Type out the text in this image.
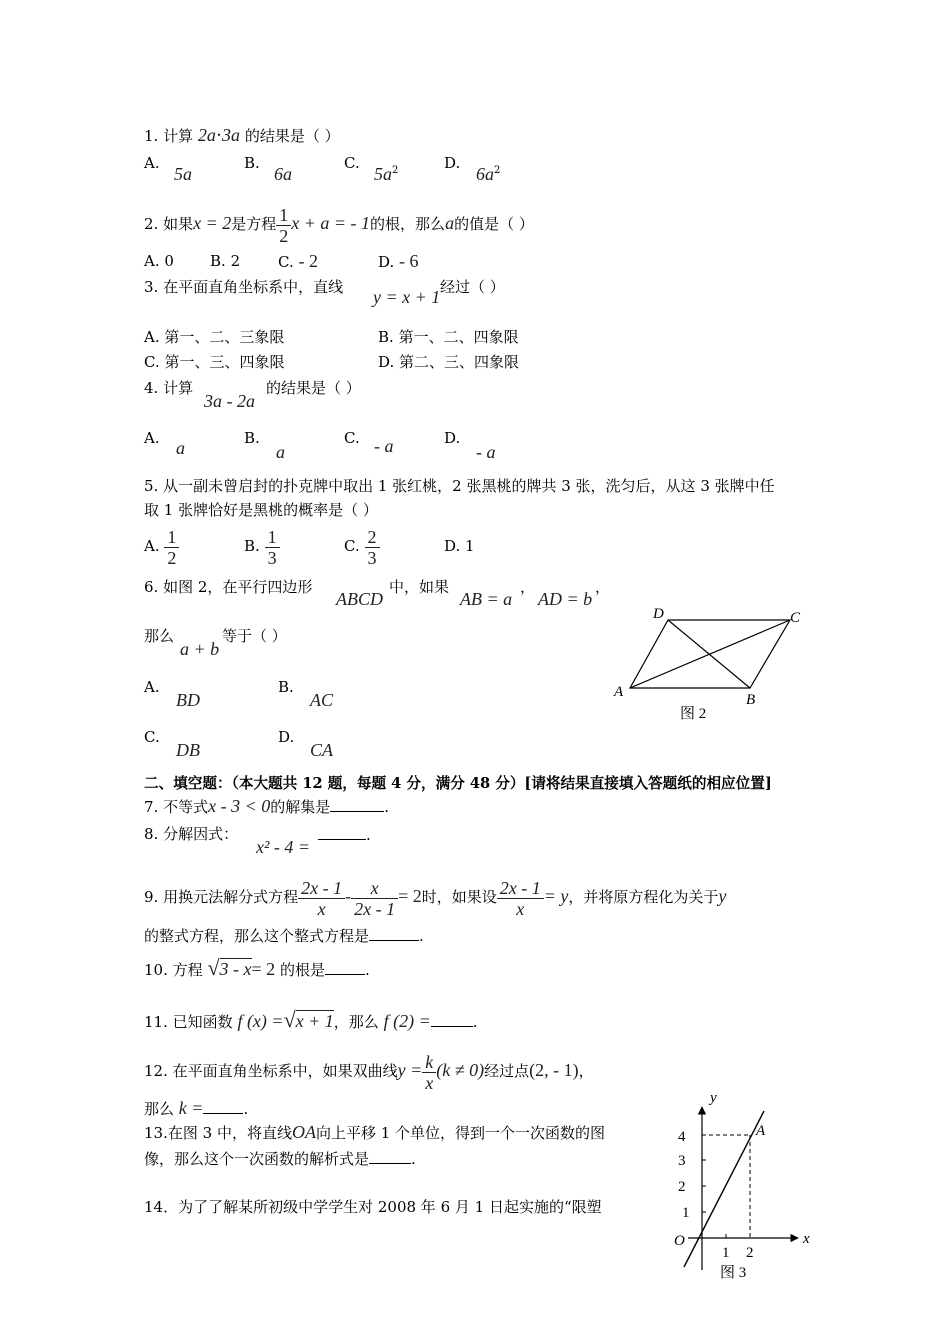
1. 计算 2a⋅3a 的结果是（ ）
A.
5a
B.
6a
C.
$5a^2$	D.
$6a^2$
2. 如果x = 2是方程 $\frac{1}{2}$ x + a = - 1的根，那么a的值是（ ）
A. 0 B. 2	C. - 2	D. - 6
3. 在平面直角坐标系中，直线 y = x + 1 经过（ ）
A. 第一、二、三象限	B. 第一、二、四象限
C. 第一、三、四象限	D. 第二、三、四象限
4. 计算
3a - 2a
的结果是（ ）
A. a	B.
a
C. - a	D.
- a
5. 从一副未曾启封的扑克牌中取出 1 张红桃，2 张黑桃的牌共 3 张，洗匀后，从这 3 张牌中任
取 1 张牌恰好是黑桃的概率是（ ）
A. $\frac{1}{2}$	B. $\frac{1}{3}$	C. $\frac{2}{3}$	D. 1
6. 如图 2，在平行四边形
ABCD
中，如果
AB = a
，
AD = b
，
那么
a + b
等于（ ）
A.
BD
B.
AC
C.
DB
D.
CA
A	B
C
D
图 2
二、填空题：（本大题共 12 题，每题 4 分，满分 48 分）[请将结果直接填入答题纸的相应位置]
7. 不等式x - 3 < 0的解集是	.
8. 分解因式：
x² - 4 =
.
9. 用换元法解分式方程 $\frac{2x - 1}{x} - \frac{x}{2x - 1} = 2$时，如果设 $\frac{2x - 1}{x} = y$，并将原方程化为关于y
的整式方程，那么这个整式方程是	.
10. 方程 √3 - x= 2 的根是	.
11. 已知函数 f (x) =√x + 1，那么 f (2) =	.
12. 在平面直角坐标系中，如果双曲线$y = \frac{k}{x} (k \ne 0)$经过点(2, - 1)，
那么 k =	.
13.在图 3 中，将直线OA向上平移 1 个单位，得到一个一次函数的图
像，那么这个一次函数的解析式是	.
14．为了了解某所初级中学学生对 2008 年 6 月 1 日起实施的“限塑
y
x
O
A
4
3
2
1
1 2
图 3
